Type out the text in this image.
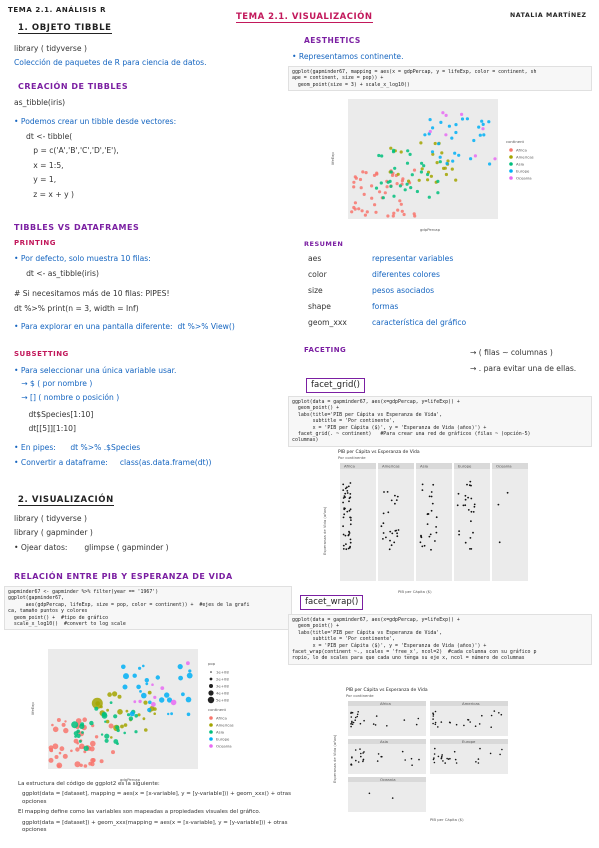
TEMA 2.1. ANÁLISIS R
TEMA 2.1. VISUALIZACIÓN	NATALIA MARTÍNEZ
1. OBJETO TIBBLE
library ( tidyverse )
Colección de paquetes de R para ciencia de datos.
CREACIÓN DE TIBBLES
as_tibble(iris)
• Podemos crear un tibble desde vectores:
dt <- tibble(
p = c('A','B','C','D','E'),
x = 1:5,
y = 1,
z = x + y )
TIBBLES VS DATAFRAMES
PRINTING
• Por defecto, solo muestra 10 filas:
dt <- as_tibble(iris)
# Si necesitamos más de 10 filas: PIPES!
dt %>% print(n = 3, width = Inf)
• Para explorar en una pantalla diferente:  dt %>% View()
SUBSETTING
• Para seleccionar una única variable usar.
→ $ ( por nombre )
→ [] ( nombre o posición )
dt$Species[1:10]
dt[[5]][1:10]
• En pipes:      dt %>% .$Species
• Convertir a dataframe:     class(as.data.frame(dt))
2. VISUALIZACIÓN
library ( tidyverse )
library ( gapminder )
• Ojear datos:       glimpse ( gapminder )
RELACIÓN ENTRE PIB Y ESPERANZA DE VIDA
gapminder67 <- gapminder %>% filter(year == '1967')
ggplot(gapminder67,
aes(gdpPercap, lifeExp, size = pop, color = continent)) +  #ejes de la grafi
ca, tamaño puntos y colores
geom_point() +  #tipo de gráfico
scale_x_log10()  #convert to log scale
gdpPercap
lifeExp
pop
1e+08
2e+08
3e+08
4e+08
5e+08
continent
Africa
Americas
Asia
Europe
Oceania
La estructura del código de ggplot2 es la siguiente:
ggplot(data = [dataset], mapping = aes(x = [x-variable], y = [y-variable])) + geom_xxx() + otras
opciones
El mapping define como las variables son mapeadas a propiedades visuales del gráfico.
ggplot(data = [dataset]) + geom_xxx(mapping = aes(x = [x-variable], y = [y-variable])) + otras
opciones
AESTHETICS
• Representamos continente.
ggplot(gapminder67, mapping = aes(x = gdpPercap, y = lifeExp, color = continent, sh
ape = continent, size = pop)) +
geom_point(size = 3) + scale_x_log10()
gdpPercap
lifeExp
continent
Africa
Americas
Asia
Europe
Oceania
RESUMEN
aes	representar variables
color	diferentes colores
size	pesos asociados
shape	formas
geom_xxx	característica del gráfico
FACETING	→ ( filas ~ columnas )
→ . para evitar una de ellas.
facet_grid()
ggplot(data = gapminder67, aes(x=gdpPercap, y=lifeExp)) +
geom_point() +
labs(title='PIB per Cápita vs Esperanza de Vida',
subtitle = 'Por continente',
x = 'PIB per Cápita ($)', y = 'Esperanza de Vida (años)') +
facet_grid(. ~ continent)   #Para crear una red de gráficos (filas ~ (opción-5)
columnas)
PIB per Cápita vs Esperanza de Vida
Por continente
Africa	Americas	Asia	Europe	Oceania
PIB per Cápita ($)
Esperanza de Vida (años)
facet_wrap()
ggplot(data = gapminder67, aes(x=gdpPercap, y=lifeExp)) +
geom_point() +
labs(title='PIB per Cápita vs Esperanza de Vida',
subtitle = 'Por continente',
x = 'PIB per Cápita ($)', y = 'Esperanza de Vida (años)') +
facet_wrap(continent ~., scales = 'free_x', ncol=2)  #cada columna con su gráfico p
ropio, lo de scales para que cada uno tenga su eje x, ncol = número de columnas
PIB per Cápita vs Esperanza de Vida
Por continente
Africa	Americas
Asia	Europe
Oceania
PIB per Cápita ($)
Esperanza de Vida (años)
